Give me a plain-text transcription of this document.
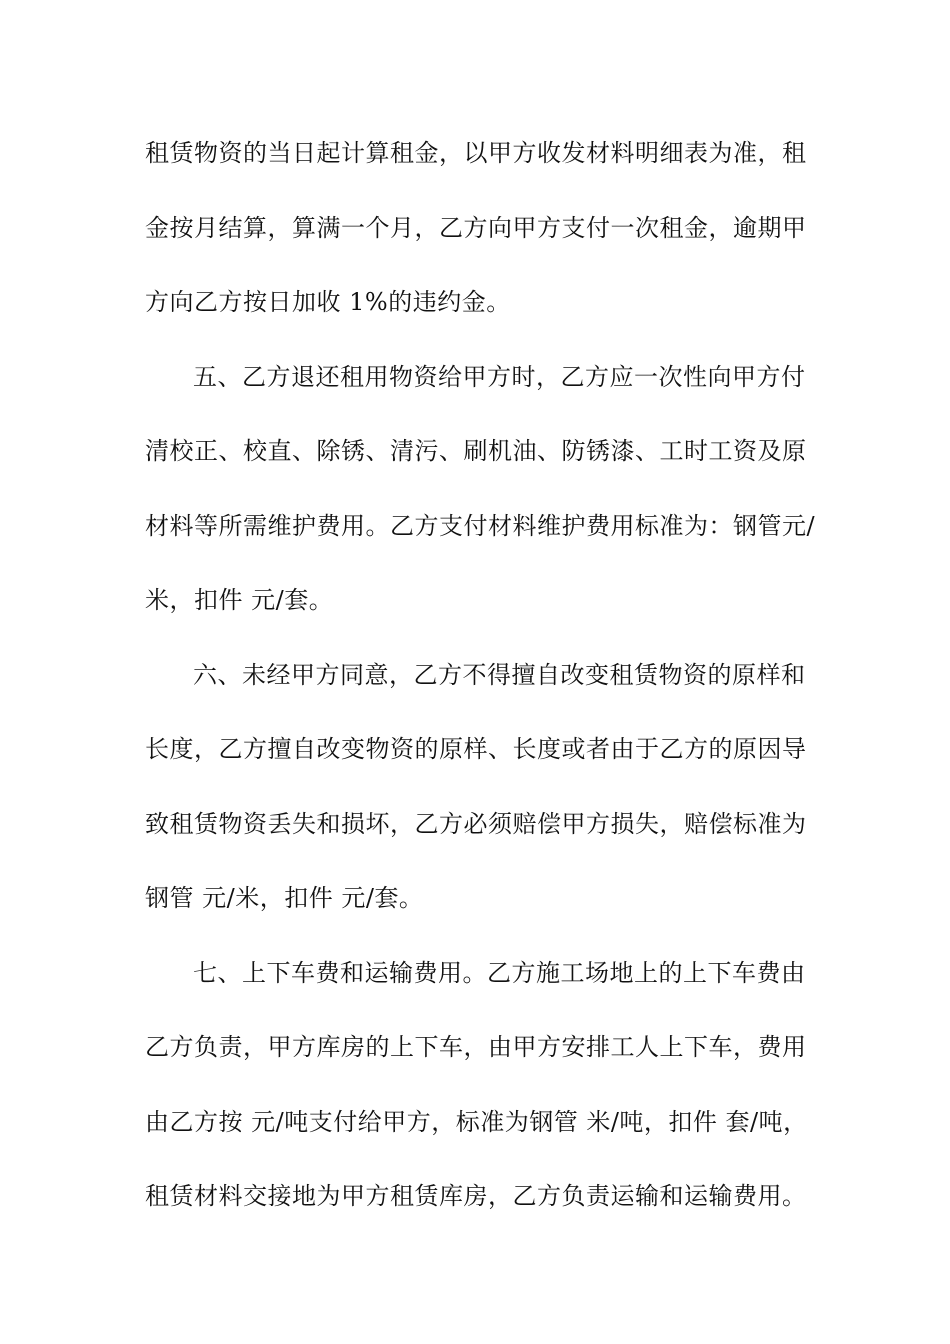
租赁物资的当日起计算租金，以甲方收发材料明细表为准，租
金按月结算，算满一个月，乙方向甲方支付一次租金，逾期甲
方向乙方按日加收 1%的违约金。
五、乙方退还租用物资给甲方时，乙方应一次性向甲方付
清校正、校直、除锈、清污、刷机油、防锈漆、工时工资及原
材料等所需维护费用。乙方支付材料维护费用标准为：钢管元/
米，扣件 元/套。
六、未经甲方同意，乙方不得擅自改变租赁物资的原样和
长度，乙方擅自改变物资的原样、长度或者由于乙方的原因导
致租赁物资丢失和损坏，乙方必须赔偿甲方损失，赔偿标准为
钢管 元/米，扣件 元/套。
七、上下车费和运输费用。乙方施工场地上的上下车费由
乙方负责，甲方库房的上下车，由甲方安排工人上下车，费用
由乙方按 元/吨支付给甲方，标准为钢管 米/吨，扣件 套/吨，
租赁材料交接地为甲方租赁库房，乙方负责运输和运输费用。
